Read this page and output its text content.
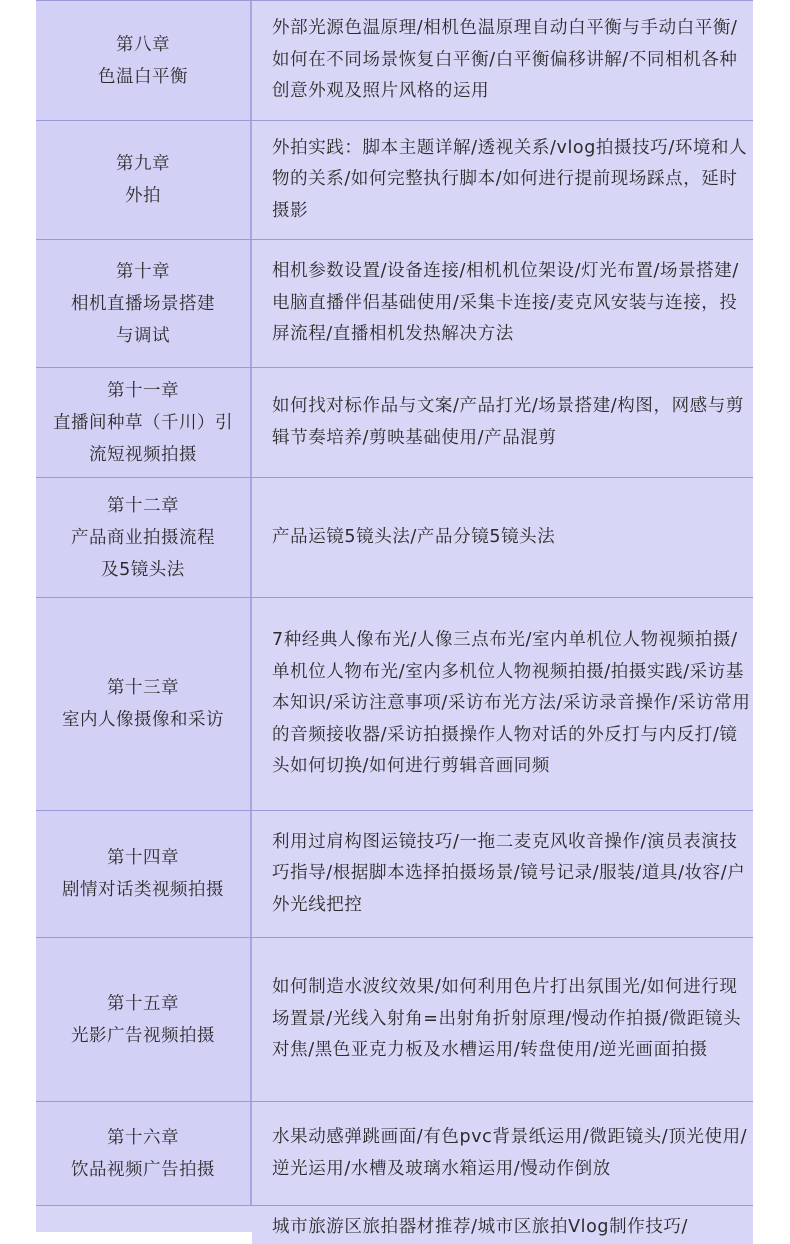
第八章
色温白平衡
外部光源色温原理/相机色温原理自动白平衡与手动白平衡/如何在不同场景恢复白平衡/白平衡偏移讲解/不同相机各种创意外观及照片风格的运用
第九章
外拍
外拍实践：脚本主题详解/透视关系/vlog拍摄技巧/环境和人物的关系/如何完整执行脚本/如何进行提前现场踩点，延时摄影
第十章
相机直播场景搭建与调试
相机参数设置/设备连接/相机机位架设/灯光布置/场景搭建/电脑直播伴侣基础使用/采集卡连接/麦克风安装与连接，投屏流程/直播相机发热解决方法
第十一章
直播间种草（千川）引流短视频拍摄
如何找对标作品与文案/产品打光/场景搭建/构图，网感与剪辑节奏培养/剪映基础使用/产品混剪
第十二章
产品商业拍摄流程及5镜头法
产品运镜5镜头法/产品分镜5镜头法
第十三章
室内人像摄像和采访
7种经典人像布光/人像三点布光/室内单机位人物视频拍摄/单机位人物布光/室内多机位人物视频拍摄/拍摄实践/采访基本知识/采访注意事项/采访布光方法/采访录音操作/采访常用的音频接收器/采访拍摄操作人物对话的外反打与内反打/镜头如何切换/如何进行剪辑音画同频
第十四章
剧情对话类视频拍摄
利用过肩构图运镜技巧/一拖二麦克风收音操作/演员表演技巧指导/根据脚本选择拍摄场景/镜号记录/服装/道具/妆容/户外光线把控
第十五章
光影广告视频拍摄
如何制造水波纹效果/如何利用色片打出氛围光/如何进行现场置景/光线入射角=出射角折射原理/慢动作拍摄/微距镜头对焦/黑色亚克力板及水槽运用/转盘使用/逆光画面拍摄
第十六章
饮品视频广告拍摄
水果动感弹跳画面/有色pvc背景纸运用/微距镜头/顶光使用/逆光运用/水槽及玻璃水箱运用/慢动作倒放
城市旅游区旅拍器材推荐/城市区旅拍Vlog制作技巧/
